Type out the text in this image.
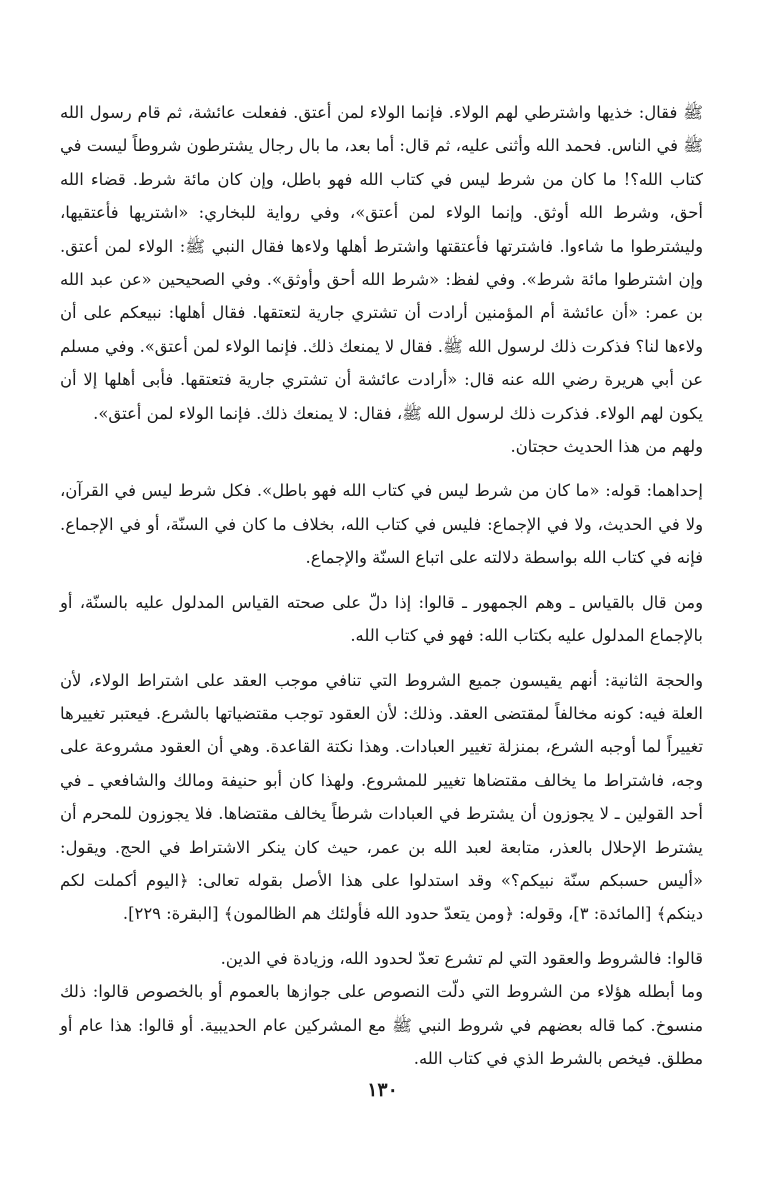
ﷺ فقال: خذيها واشترطي لهم الولاء. فإنما الولاء لمن أعتق. ففعلت عائشة، ثم قام رسول الله ﷺ في الناس. فحمد الله وأثنى عليه، ثم قال: أما بعد، ما بال رجال يشترطون شروطاً ليست في كتاب الله؟! ما كان من شرط ليس في كتاب الله فهو باطل، وإن كان مائة شرط. قضاء الله أحق، وشرط الله أوثق. وإنما الولاء لمن أعتق»، وفي رواية للبخاري: «اشتريها فأعتقيها، وليشترطوا ما شاءوا. فاشترتها فأعتقتها واشترط أهلها ولاءها فقال النبي ﷺ: الولاء لمن أعتق. وإن اشترطوا مائة شرط». وفي لفظ: «شرط الله أحق وأوثق». وفي الصحيحين «عن عبد الله بن عمر: «أن عائشة أم المؤمنين أرادت أن تشتري جارية لتعتقها. فقال أهلها: نبيعكم على أن ولاءها لنا؟ فذكرت ذلك لرسول الله ﷺ. فقال لا يمنعك ذلك. فإنما الولاء لمن أعتق». وفي مسلم عن أبي هريرة رضي الله عنه قال: «أرادت عائشة أن تشتري جارية فتعتقها. فأبى أهلها إلا أن يكون لهم الولاء. فذكرت ذلك لرسول الله ﷺ، فقال: لا يمنعك ذلك. فإنما الولاء لمن أعتق».

ولهم من هذا الحديث حجتان.

إحداهما: قوله: «ما كان من شرط ليس في كتاب الله فهو باطل». فكل شرط ليس في القرآن، ولا في الحديث، ولا في الإجماع: فليس في كتاب الله، بخلاف ما كان في السنّة، أو في الإجماع. فإنه في كتاب الله بواسطة دلالته على اتباع السنّة والإجماع.

ومن قال بالقياس ـ وهم الجمهور ـ قالوا: إذا دلّ على صحته القياس المدلول عليه بالسنّة، أو بالإجماع المدلول عليه بكتاب الله: فهو في كتاب الله.

والحجة الثانية: أنهم يقيسون جميع الشروط التي تنافي موجب العقد على اشتراط الولاء، لأن العلة فيه: كونه مخالفاً لمقتضى العقد. وذلك: لأن العقود توجب مقتضياتها بالشرع. فيعتبر تغييرها تغييراً لما أوجبه الشرع، بمنزلة تغيير العبادات. وهذا نكتة القاعدة. وهي أن العقود مشروعة على وجه، فاشتراط ما يخالف مقتضاها تغيير للمشروع. ولهذا كان أبو حنيفة ومالك والشافعي ـ في أحد القولين ـ لا يجوزون أن يشترط في العبادات شرطاً يخالف مقتضاها. فلا يجوزون للمحرم أن يشترط الإحلال بالعذر، متابعة لعبد الله بن عمر، حيث كان ينكر الاشتراط في الحج. ويقول: «أليس حسبكم سنّة نبيكم؟» وقد استدلوا على هذا الأصل بقوله تعالى: ﴿اليوم أكملت لكم دينكم﴾ [المائدة: ٣]، وقوله: ﴿ومن يتعدّ حدود الله فأولئك هم الظالمون﴾ [البقرة: ٢٢٩].

قالوا: فالشروط والعقود التي لم تشرع تعدّ لحدود الله، وزيادة في الدين.

وما أبطله هؤلاء من الشروط التي دلّت النصوص على جوازها بالعموم أو بالخصوص قالوا: ذلك منسوخ. كما قاله بعضهم في شروط النبي ﷺ مع المشركين عام الحديبية. أو قالوا: هذا عام أو مطلق. فيخص بالشرط الذي في كتاب الله.

١٣٠
